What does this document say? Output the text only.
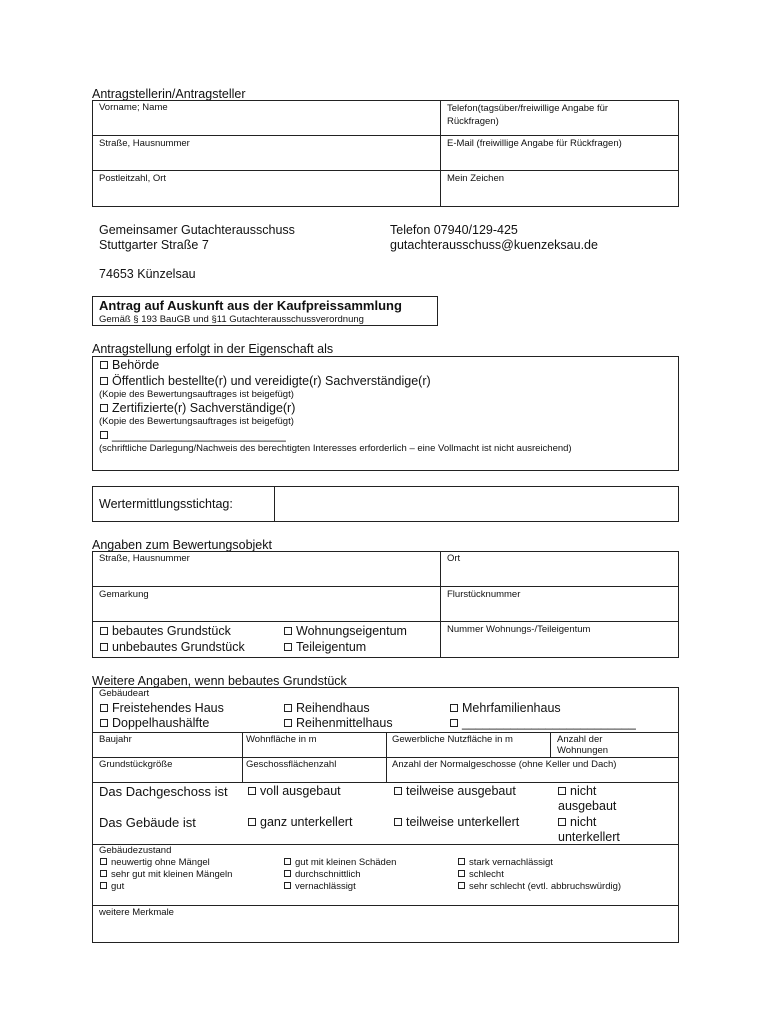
Antragstellerin/Antragsteller
Vorname; Name	Telefon(tagsüber/freiwillige Angabe für Rückfragen)
Straße, Hausnummer	E-Mail (freiwillige Angabe für Rückfragen)
Postleitzahl, Ort	Mein Zeichen
Gemeinsamer Gutachterausschuss
Stuttgarter Straße 7
74653 Künzelsau
Telefon 07940/129-425
gutachterausschuss@kuenzeksau.de
Antrag auf Auskunft aus der Kaufpreissammlung
Gemäß § 193 BauGB und §11 Gutachterausschussverordnung
Antragstellung erfolgt in der Eigenschaft als
Behörde
Öffentlich bestellte(r) und vereidigte(r) Sachverständige(r)
(Kopie des Bewertungsauftrages ist beigefügt)
Zertifizierte(r) Sachverständige(r)
(Kopie des Bewertungsauftrages ist beigefügt)
_________________________
(schriftliche Darlegung/Nachweis des berechtigten Interesses erforderlich – eine Vollmacht ist nicht ausreichend)
Wertermittlungsstichtag:
Angaben zum Bewertungsobjekt
Straße, Hausnummer	Ort
Gemarkung	Flurstücknummer
bebautes Grundstück
unbebautes Grundstück
Wohnungseigentum
Teileigentum
Nummer Wohnungs-/Teileigentum
Weitere Angaben, wenn bebautes Grundstück
Gebäudeart
Freistehendes Haus
Doppelhaushälfte
Reihendhaus
Reihenmittelhaus
Mehrfamilienhaus
_________________________
Baujahr	Wohnfläche in m	Gewerbliche Nutzfläche in m	Anzahl der
Wohnungen
Grundstückgröße	Geschossflächenzahl	Anzahl der Normalgeschosse (ohne Keller und Dach)
Das Dachgeschoss ist	voll ausgebaut	teilweise ausgebaut	nicht
ausgebaut
Das Gebäude ist	ganz unterkellert	teilweise unterkellert	nicht
unterkellert
Gebäudezustand
neuwertig ohne Mängel
sehr gut mit kleinen Mängeln
gut
gut mit kleinen Schäden
durchschnittlich
vernachlässigt
stark vernachlässigt
schlecht
sehr schlecht (evtl. abbruchswürdig)
weitere Merkmale
